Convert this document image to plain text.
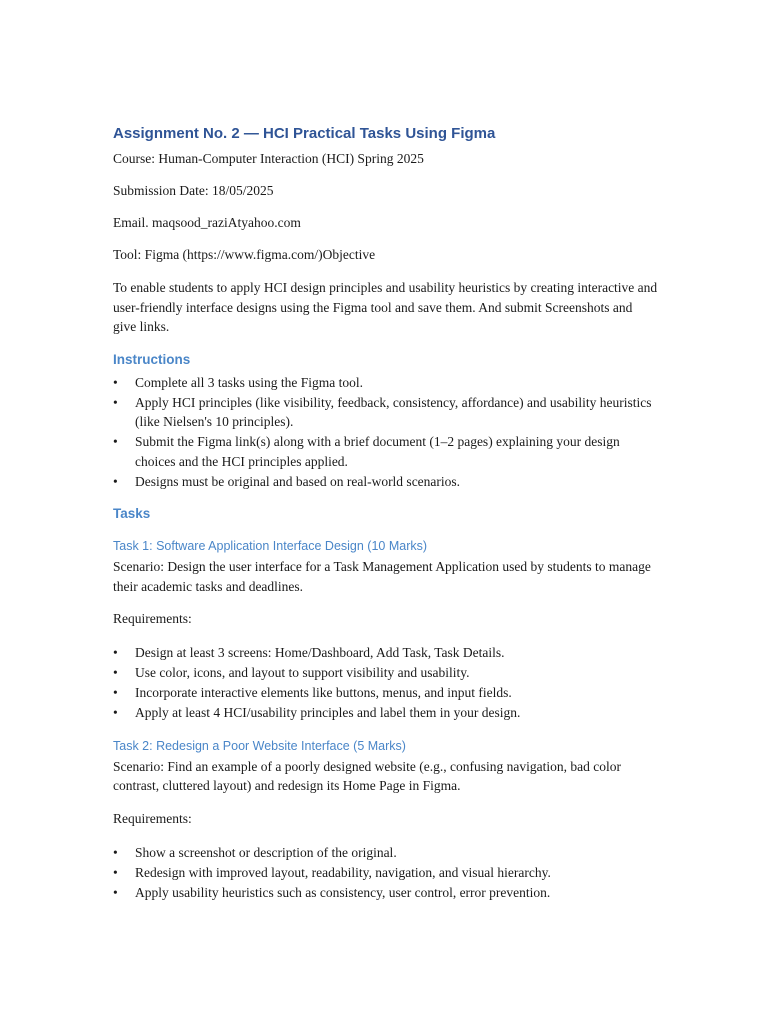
Assignment No. 2 — HCI Practical Tasks Using Figma
Course: Human-Computer Interaction (HCI) Spring 2025
Submission Date: 18/05/2025
Email. maqsood_raziAtyahoo.com
Tool: Figma (https://www.figma.com/)Objective
To enable students to apply HCI design principles and usability heuristics by creating interactive and user-friendly interface designs using the Figma tool and save them. And submit Screenshots and give links.
Instructions
•	Complete all 3 tasks using the Figma tool.
•	Apply HCI principles (like visibility, feedback, consistency, affordance) and usability heuristics (like Nielsen's 10 principles).
•	Submit the Figma link(s) along with a brief document (1–2 pages) explaining your design choices and the HCI principles applied.
•	Designs must be original and based on real-world scenarios.
Tasks
Task 1: Software Application Interface Design (10 Marks)
Scenario: Design the user interface for a Task Management Application used by students to manage their academic tasks and deadlines.
Requirements:
•	Design at least 3 screens: Home/Dashboard, Add Task, Task Details.
•	Use color, icons, and layout to support visibility and usability.
•	Incorporate interactive elements like buttons, menus, and input fields.
•	Apply at least 4 HCI/usability principles and label them in your design.
Task 2: Redesign a Poor Website Interface (5 Marks)
Scenario: Find an example of a poorly designed website (e.g., confusing navigation, bad color contrast, cluttered layout) and redesign its Home Page in Figma.
Requirements:
•	Show a screenshot or description of the original.
•	Redesign with improved layout, readability, navigation, and visual hierarchy.
•	Apply usability heuristics such as consistency, user control, error prevention.
